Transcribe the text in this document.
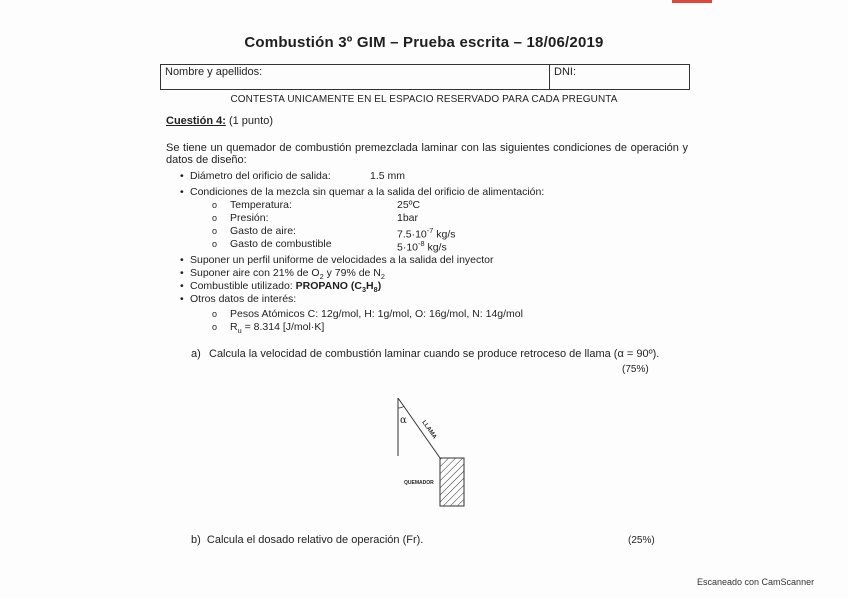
Combustión 3º GIM – Prueba escrita – 18/06/2019
Nombre y apellidos:	DNI:
CONTESTA UNICAMENTE EN EL ESPACIO RESERVADO PARA CADA PREGUNTA
Cuestión 4: (1 punto)
Se tiene un quemador de combustión premezclada laminar con las siguientes condiciones de operación y datos de diseño:
• Diámetro del orificio de salida:	1.5 mm
• Condiciones de la mezcla sin quemar a la salida del orificio de alimentación:
o Temperatura:	25ºC
o Presión:	1bar
o Gasto de aire:	$7.5\cdot 10^{-7}$ kg/s
o Gasto de combustible	$5\cdot 10^{-8}$ kg/s
• Suponer un perfil uniforme de velocidades a la salida del inyector
• Suponer aire con 21% de $O_2$ y 79% de $N_2$
• Combustible utilizado: PROPANO $(C_3H_8)$
• Otros datos de interés:
o Pesos Atómicos C: 12g/mol, H: 1g/mol, O: 16g/mol, N: 14g/mol
o $R_u = 8.314$ [J/mol·K]
a) Calcula la velocidad de combustión laminar cuando se produce retroceso de llama (α = 90º).
(75%)
α LLAMA
QUEMADOR
b) Calcula el dosado relativo de operación (Fr).	(25%)
Escaneado con CamScanner
